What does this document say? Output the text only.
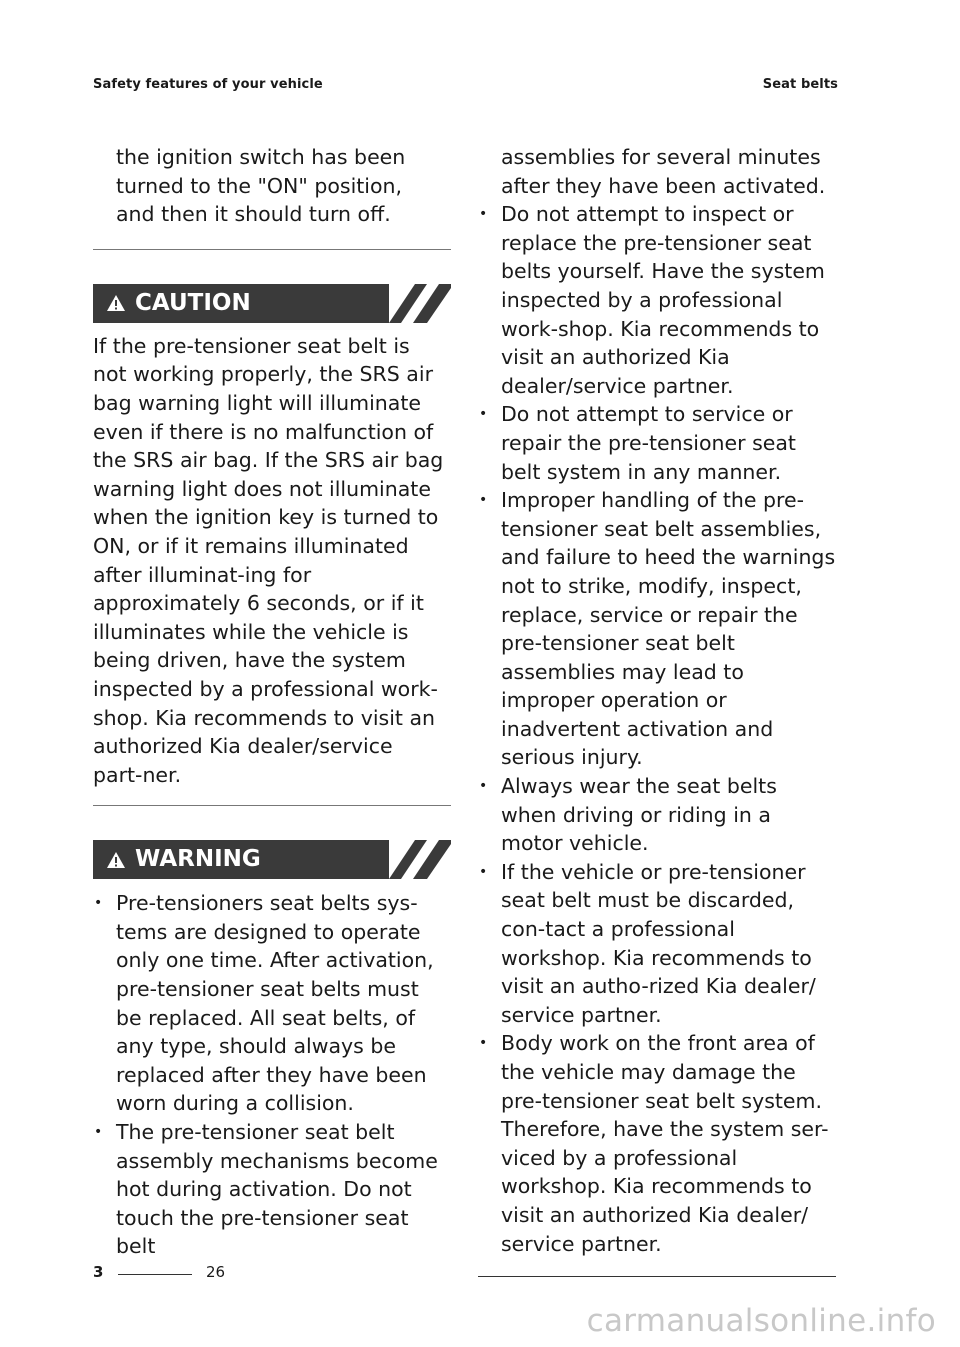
Safety features of your vehicle	Seat belts

the ignition switch has been turned to the "ON" position, and then it should turn off.

CAUTION

If the pre-tensioner seat belt is not working properly, the SRS air bag warning light will illuminate even if there is no malfunction of the SRS air bag. If the SRS air bag warning light does not illuminate when the ignition key is turned to ON, or if it remains illuminated after illuminat-ing for approximately 6 seconds, or if it illuminates while the vehicle is being driven, have the system inspected by a professional work-shop. Kia recommends to visit an authorized Kia dealer/service part-ner.

WARNING
• Pre-tensioners seat belts sys-tems are designed to operate only one time. After activation, pre-tensioner seat belts must be replaced. All seat belts, of any type, should always be replaced after they have been worn during a collision.
• The pre-tensioner seat belt assembly mechanisms become hot during activation. Do not touch the pre-tensioner seat belt

assemblies for several minutes after they have been activated.

• Do not attempt to inspect or replace the pre-tensioner seat belts yourself. Have the system inspected by a professional work-shop. Kia recommends to visit an authorized Kia dealer/service partner.
• Do not attempt to service or repair the pre-tensioner seat belt system in any manner.
• Improper handling of the pre-tensioner seat belt assemblies, and failure to heed the warnings not to strike, modify, inspect, replace, service or repair the pre-tensioner seat belt assemblies may lead to improper operation or inadvertent activation and serious injury.
• Always wear the seat belts when driving or riding in a motor vehicle.
• If the vehicle or pre-tensioner seat belt must be discarded, con-tact a professional workshop. Kia recommends to visit an autho-rized Kia dealer/ service partner.
• Body work on the front area of the vehicle may damage the pre-tensioner seat belt system. Therefore, have the system ser-viced by a professional workshop. Kia recommends to visit an authorized Kia dealer/ service partner.
3	26
carmanualsonline.info
